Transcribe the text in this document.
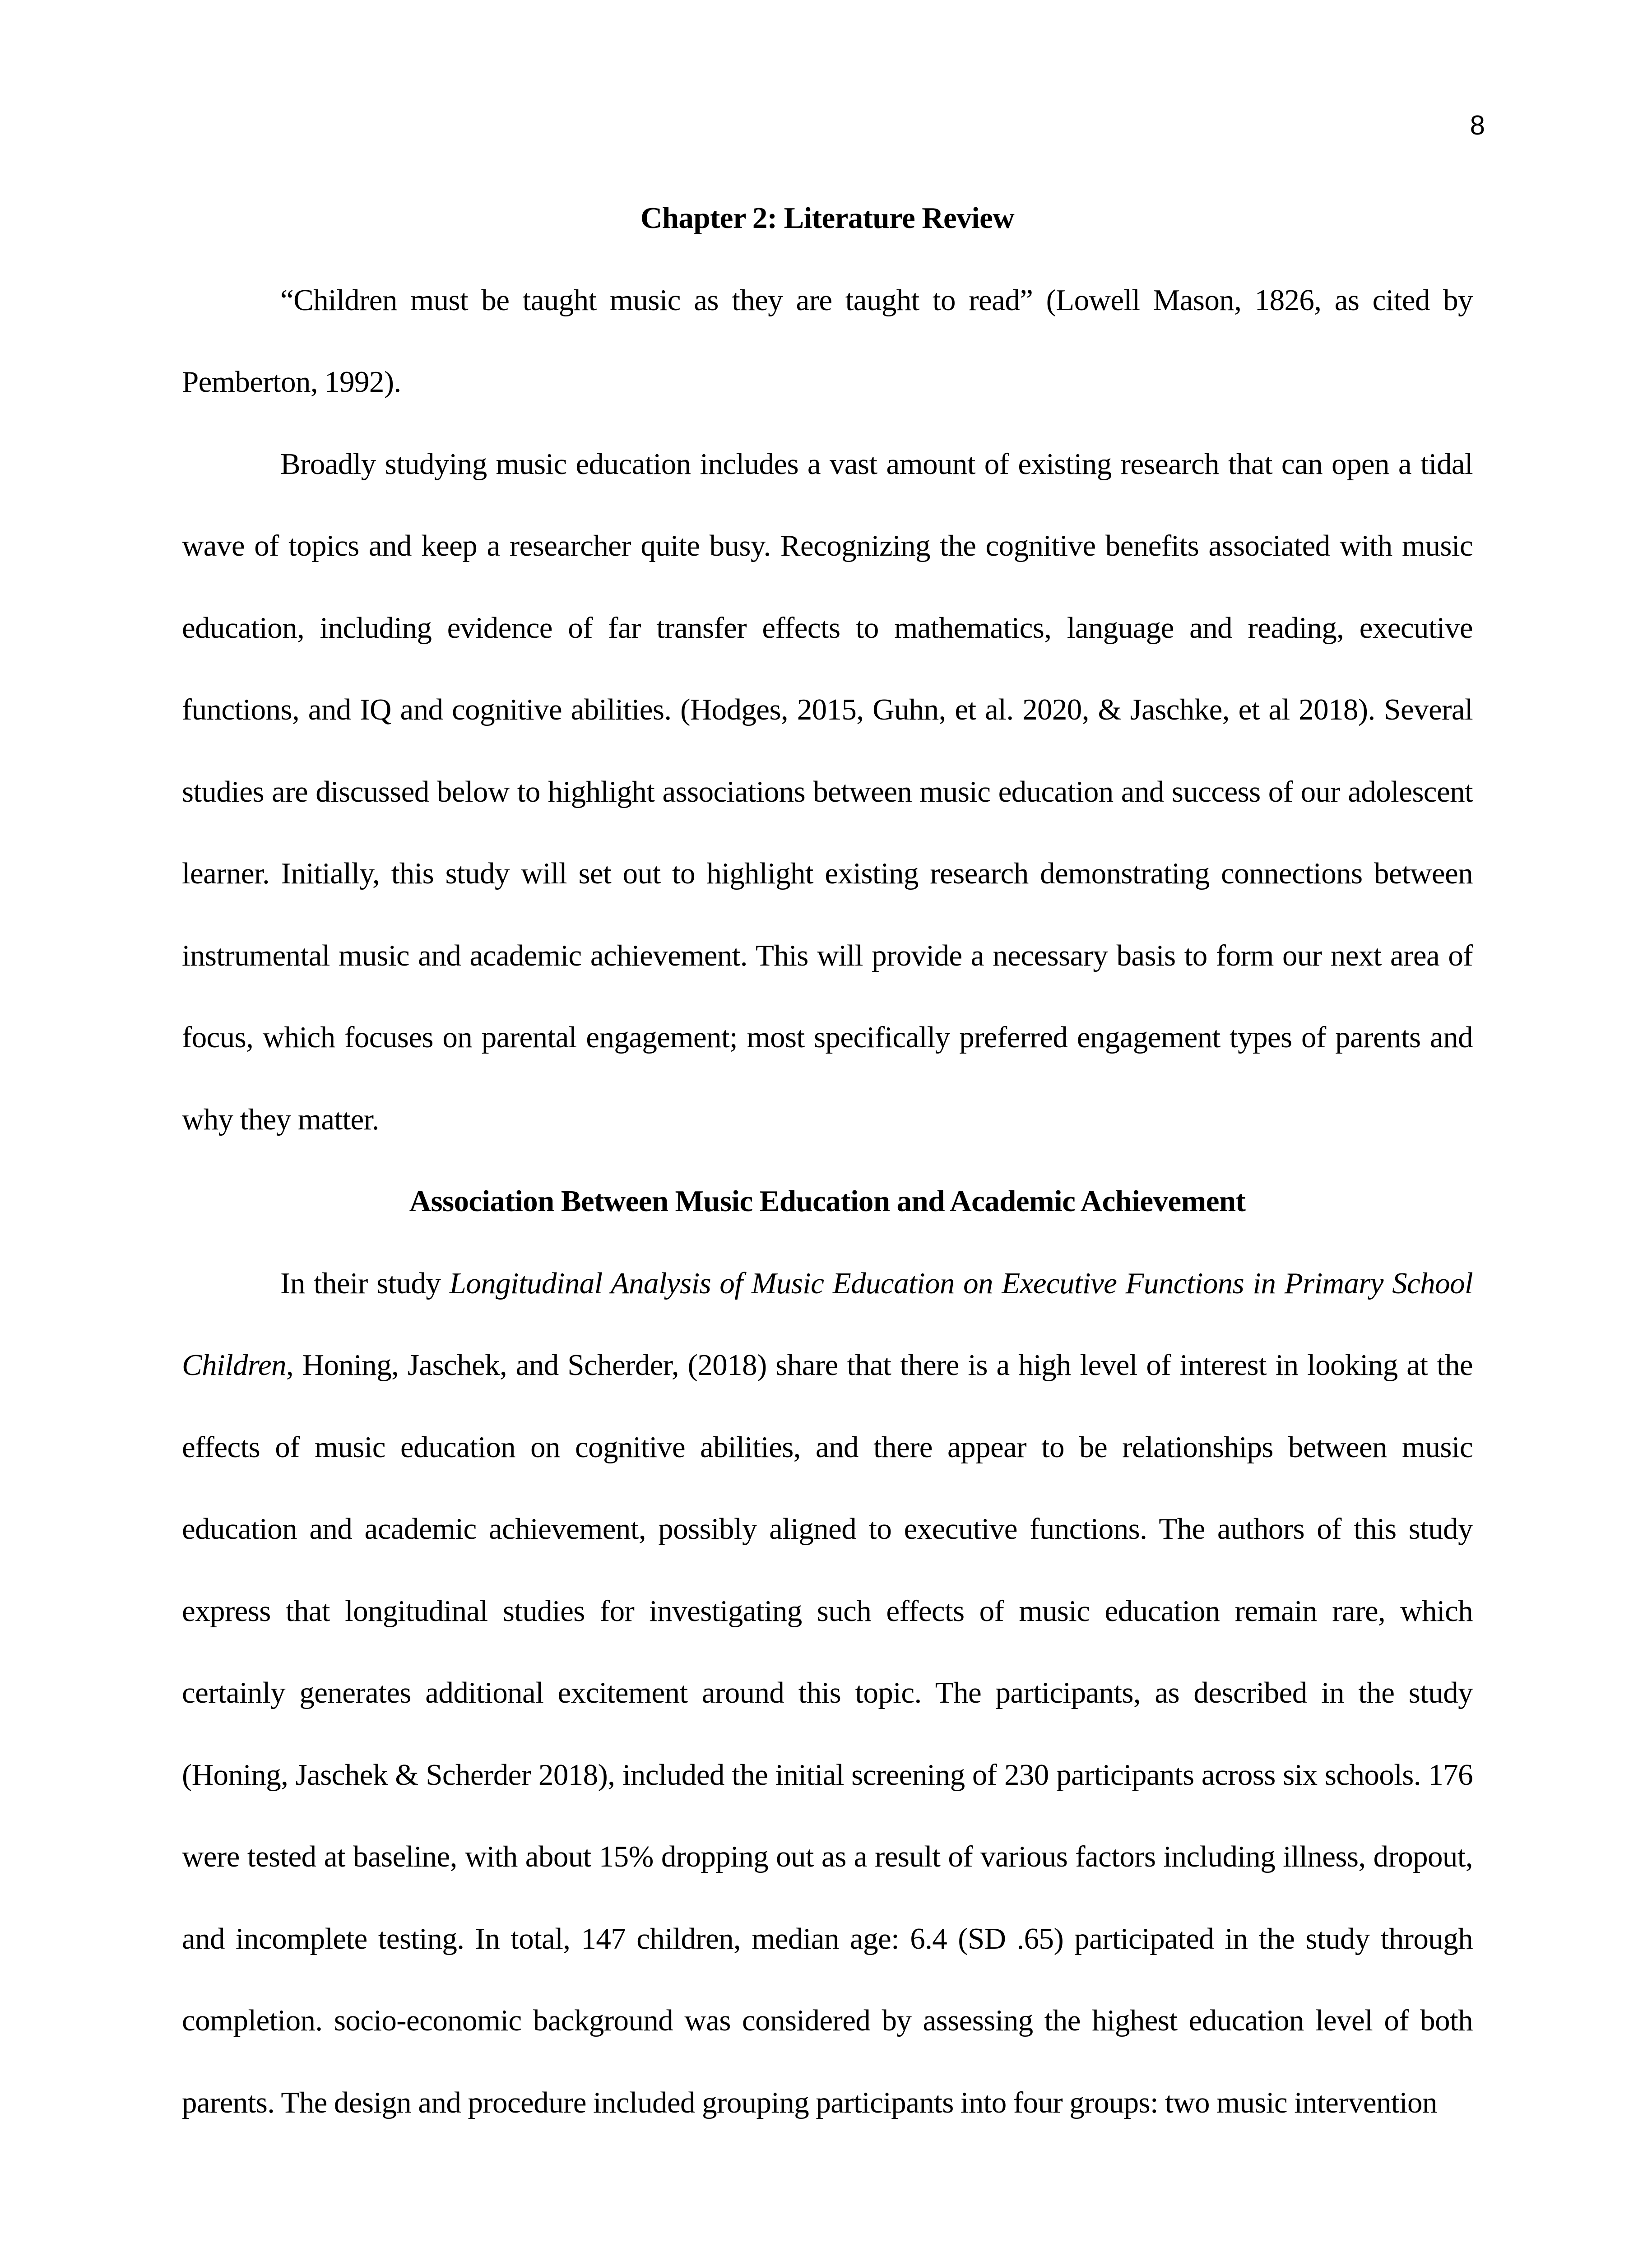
8

Chapter 2: Literature Review

“Children must be taught music as they are taught to read” (Lowell Mason, 1826, as cited by Pemberton, 1992).

Broadly studying music education includes a vast amount of existing research that can open a tidal wave of topics and keep a researcher quite busy. Recognizing the cognitive benefits associated with music education, including evidence of far transfer effects to mathematics, language and reading, executive functions, and IQ and cognitive abilities. (Hodges, 2015, Guhn, et al. 2020, & Jaschke, et al 2018). Several studies are discussed below to highlight associations between music education and success of our adolescent learner. Initially, this study will set out to highlight existing research demonstrating connections between instrumental music and academic achievement. This will provide a necessary basis to form our next area of focus, which focuses on parental engagement; most specifically preferred engagement types of parents and why they matter.

Association Between Music Education and Academic Achievement

In their study Longitudinal Analysis of Music Education on Executive Functions in Primary School Children, Honing, Jaschek, and Scherder, (2018) share that there is a high level of interest in looking at the effects of music education on cognitive abilities, and there appear to be relationships between music education and academic achievement, possibly aligned to executive functions. The authors of this study express that longitudinal studies for investigating such effects of music education remain rare, which certainly generates additional excitement around this topic. The participants, as described in the study (Honing, Jaschek & Scherder 2018), included the initial screening of 230 participants across six schools. 176 were tested at baseline, with about 15% dropping out as a result of various factors including illness, dropout, and incomplete testing. In total, 147 children, median age: 6.4 (SD .65) participated in the study through completion. socio-economic background was considered by assessing the highest education level of both parents. The design and procedure included grouping participants into four groups: two music intervention
